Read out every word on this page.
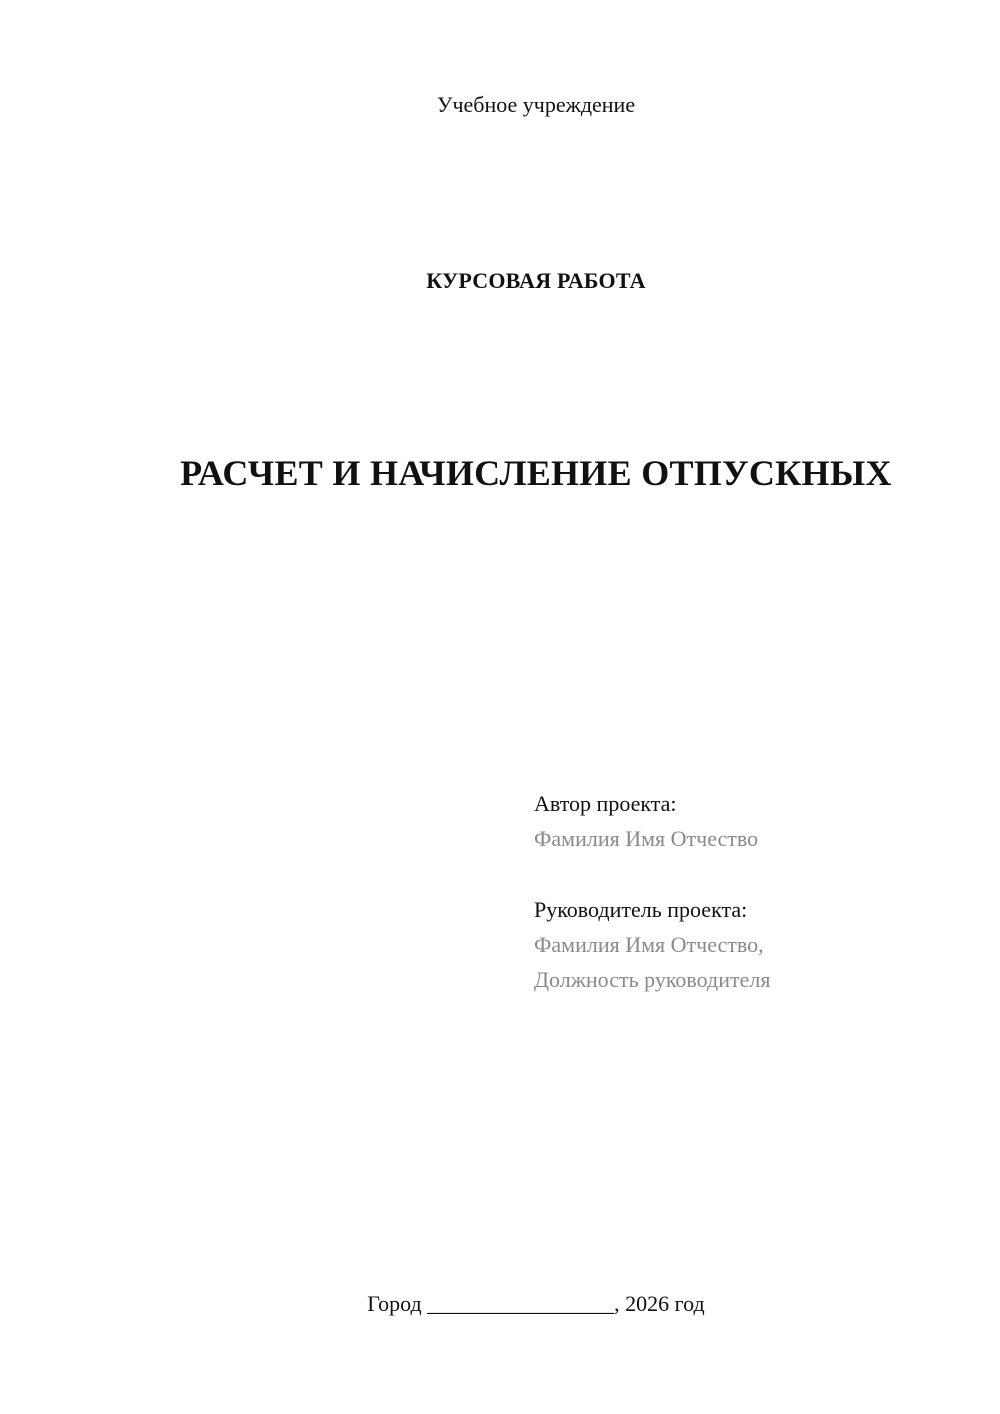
Учебное учреждение
КУРСОВАЯ РАБОТА
РАСЧЕТ И НАЧИСЛЕНИЕ ОТПУСКНЫХ
Автор проекта:
Фамилия Имя Отчество
Руководитель проекта:
Фамилия Имя Отчество,
Должность руководителя
Город _________________, 2026 год
